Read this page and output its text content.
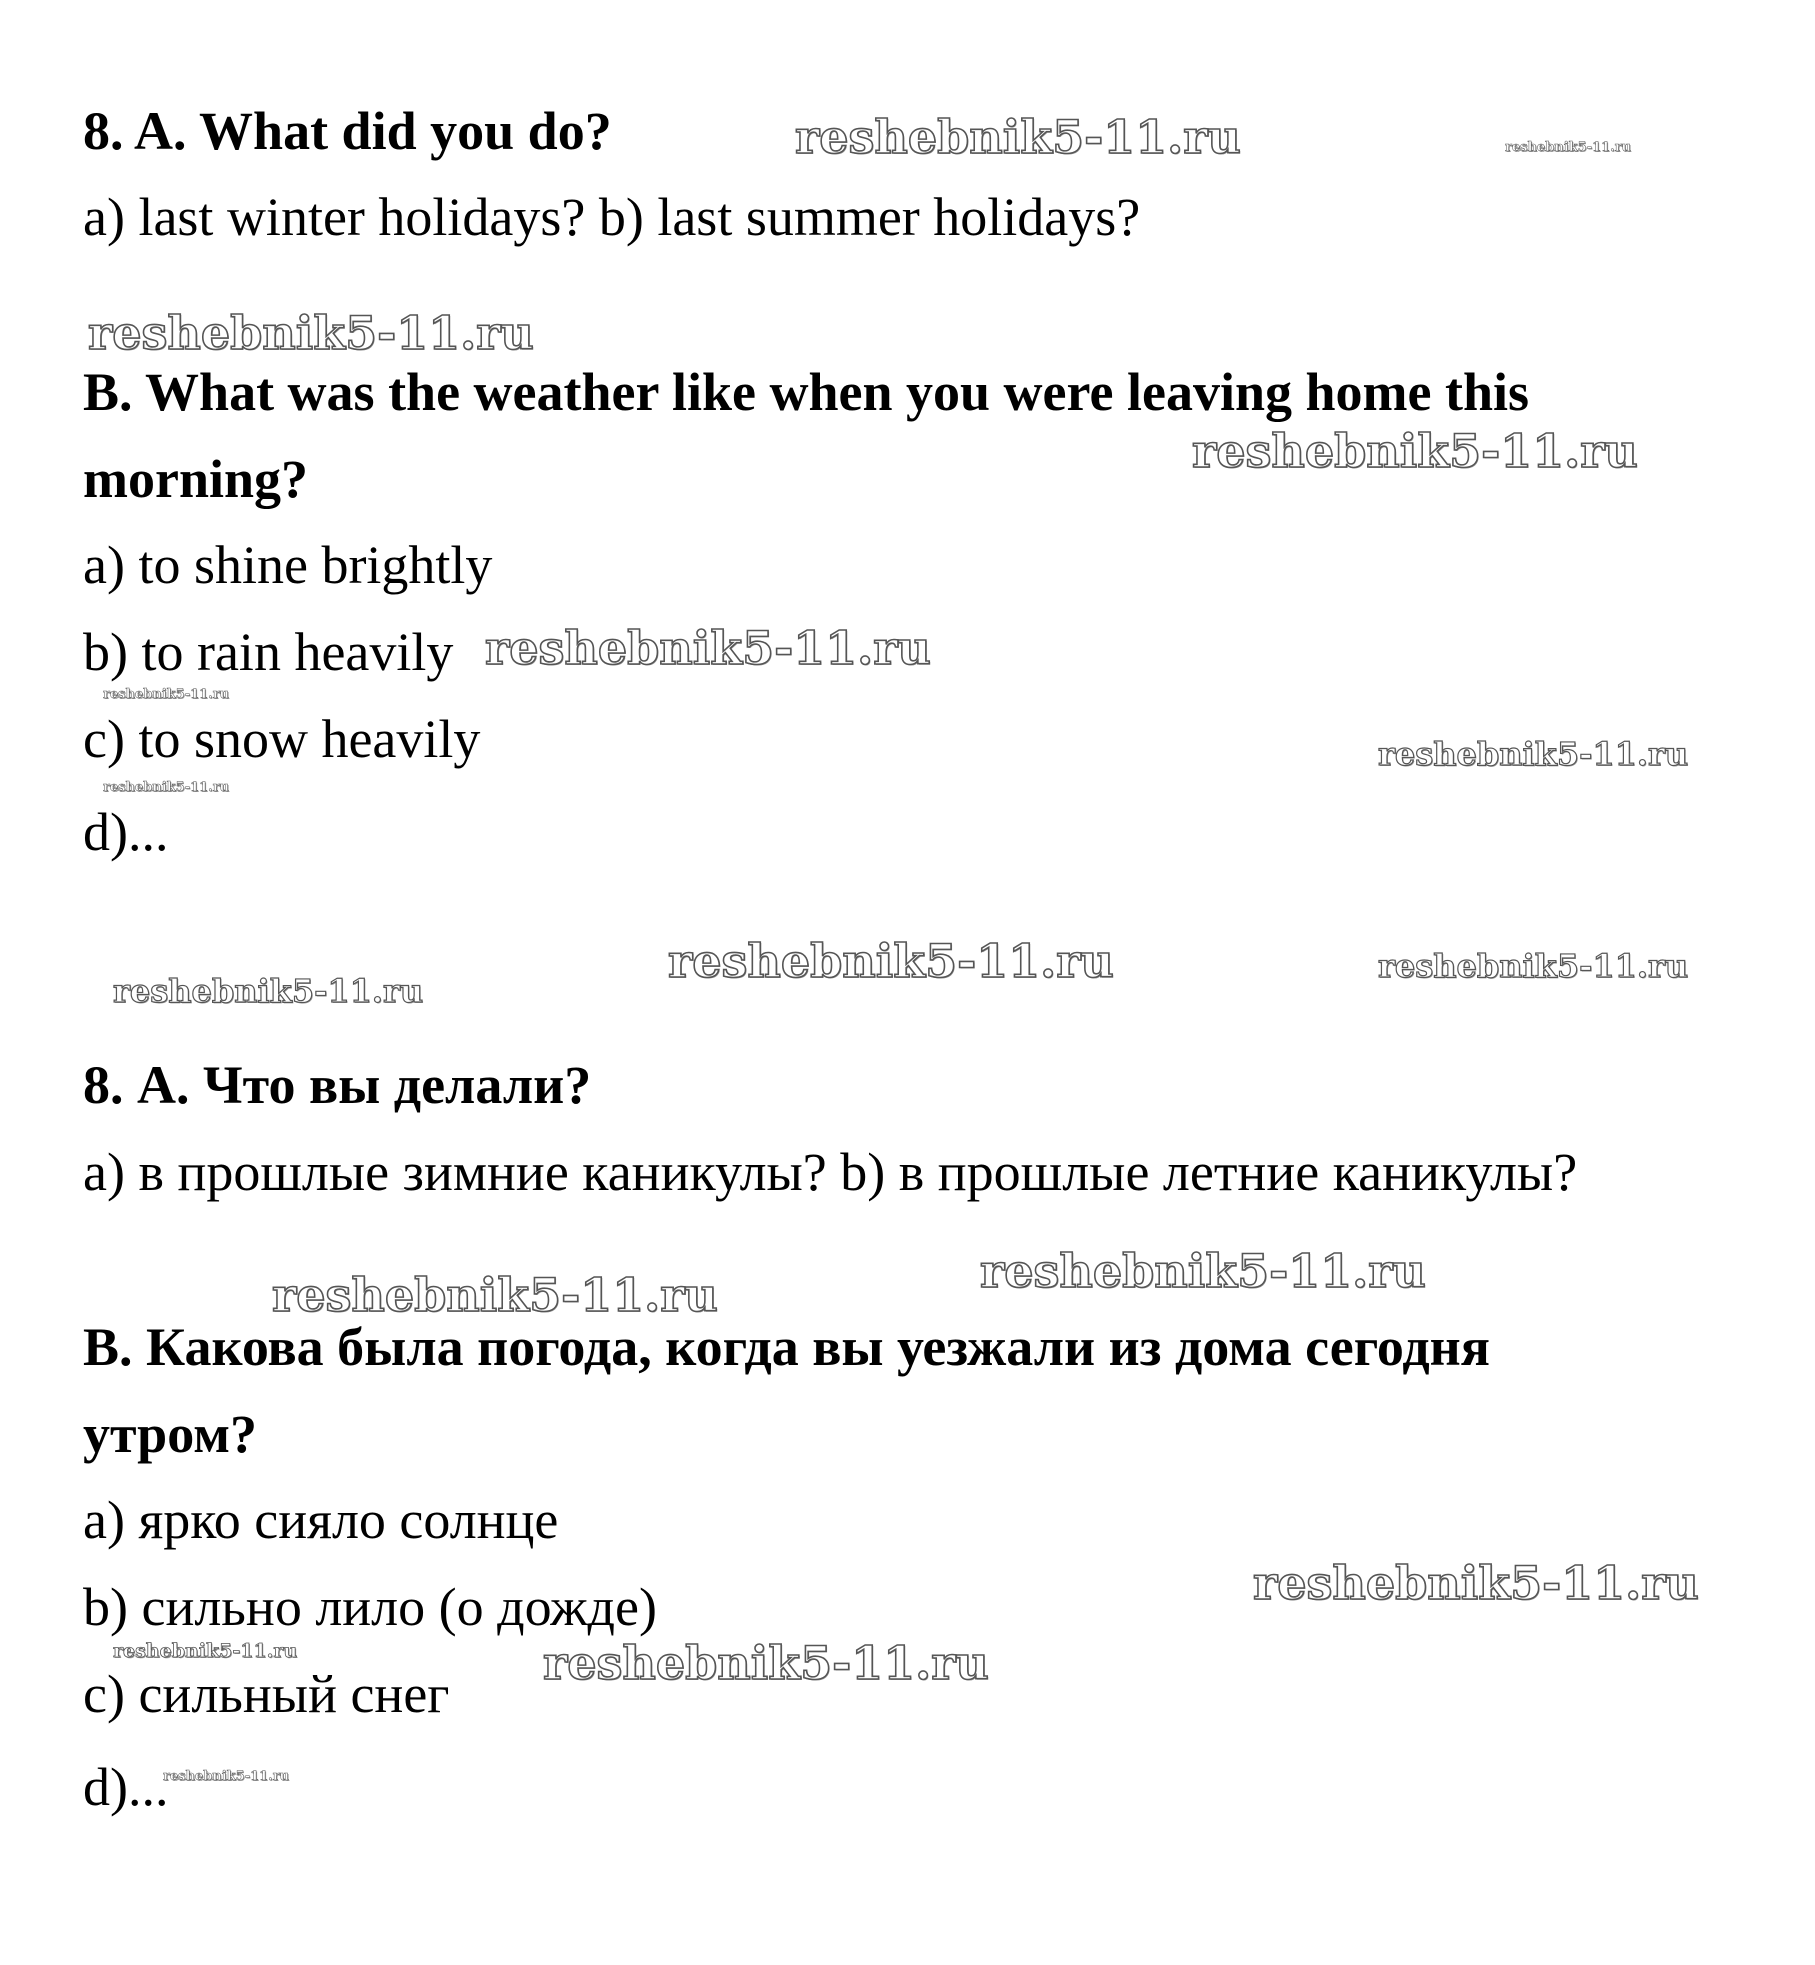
8. A. What did you do?
a) last winter holidays? b) last summer holidays?
B. What was the weather like when you were leaving home this
morning?
a) to shine brightly
b) to rain heavily
c) to snow heavily
d)...
8. А. Что вы делали?
а) в прошлые зимние каникулы? b) в прошлые летние каникулы?
B. Какова была погода, когда вы уезжали из дома сегодня
утром?
а) ярко сияло солнце
b) сильно лило (о дожде)
с) сильный снег
d)...
reshebnik5-11.ru	reshebnik5-11.ru
reshebnik5-11.ru
reshebnik5-11.ru
reshebnik5-11.ru
reshebnik5-11.ru
reshebnik5-11.ru
reshebnik5-11.ru
reshebnik5-11.ru	reshebnik5-11.ru
reshebnik5-11.ru
reshebnik5-11.ru
reshebnik5-11.ru
reshebnik5-11.ru
reshebnik5-11.ru	reshebnik5-11.ru
reshebnik5-11.ru
